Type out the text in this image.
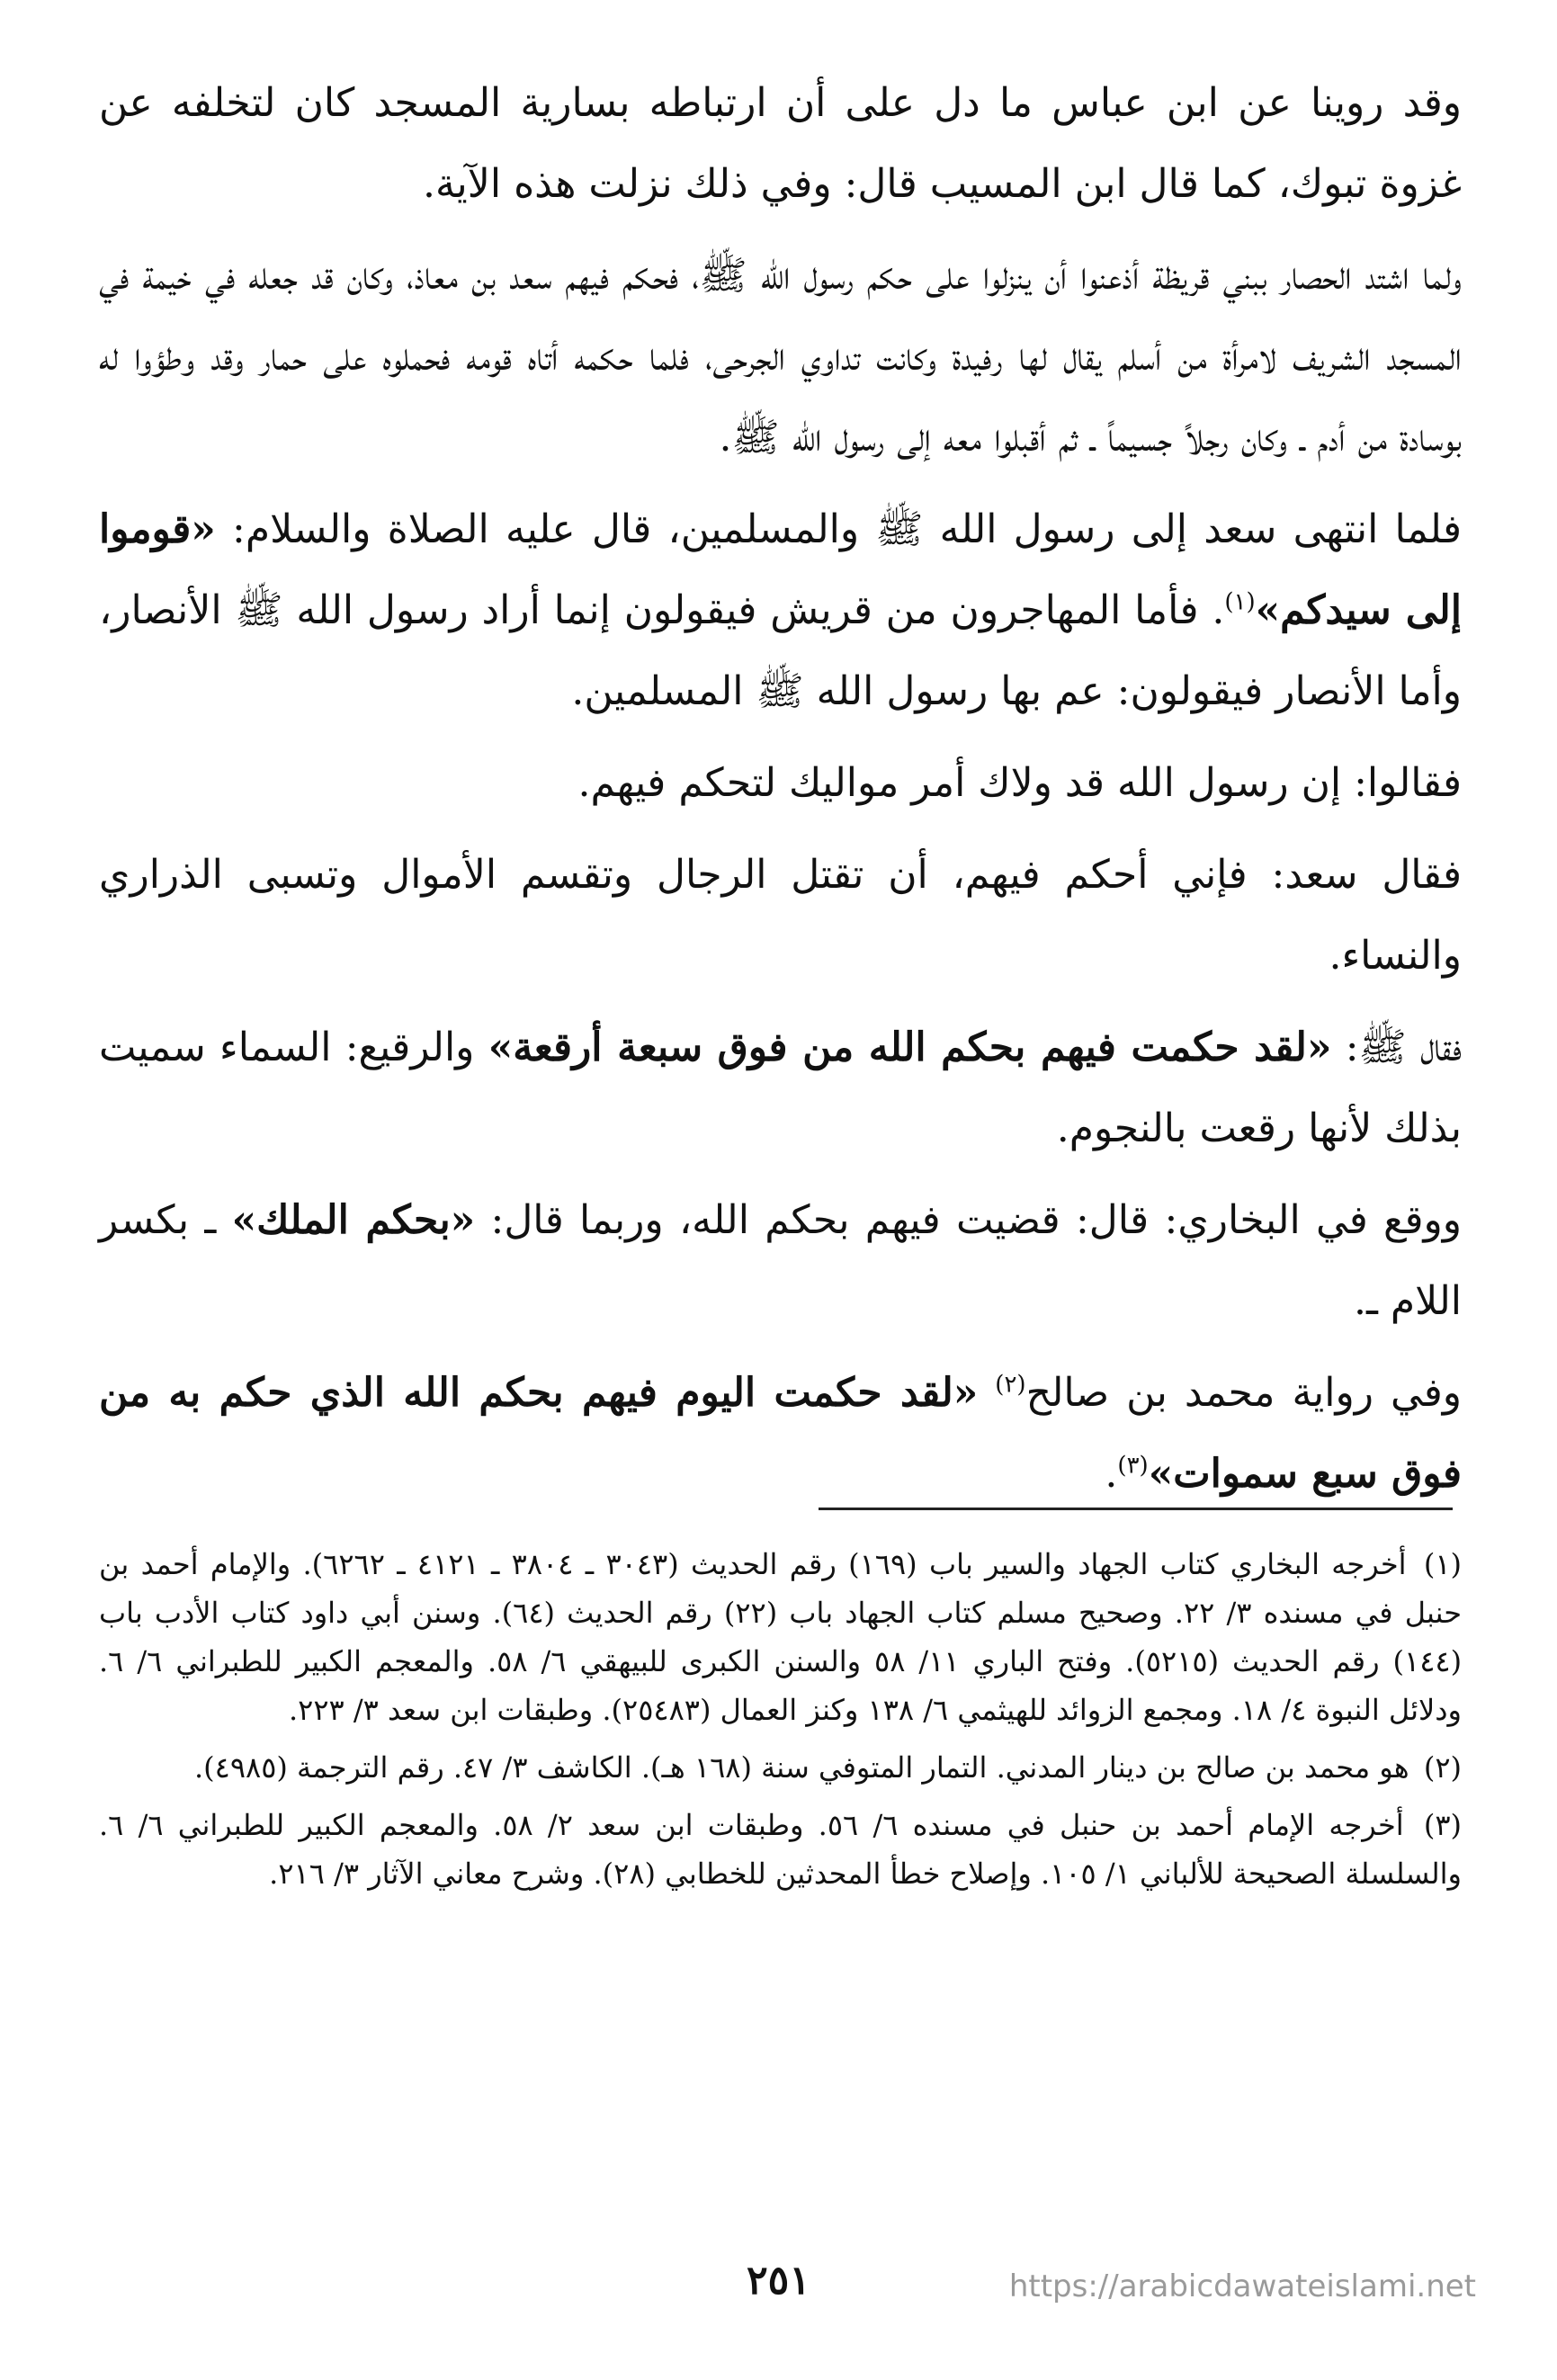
وقد روينا عن ابن عباس ما دل على أن ارتباطه بسارية المسجد كان لتخلفه عن غزوة تبوك، كما قال ابن المسيب قال: وفي ذلك نزلت هذه الآية.

ولما اشتد الحصار ببني قريظة أذعنوا أن ينزلوا على حكم رسول الله ﷺ، فحكم فيهم سعد بن معاذ، وكان قد جعله في خيمة في المسجد الشريف لامرأة من أسلم يقال لها رفيدة وكانت تداوي الجرحى، فلما حكمه أتاه قومه فحملوه على حمار وقد وطؤوا له بوسادة من أدم ـ وكان رجلاً جسيماً ـ ثم أقبلوا معه إلى رسول الله ﷺ.

فلما انتهى سعد إلى رسول الله ﷺ والمسلمين، قال عليه الصلاة والسلام: «قوموا إلى سيدكم»$^{(١)}$. فأما المهاجرون من قريش فيقولون إنما أراد رسول الله ﷺ الأنصار، وأما الأنصار فيقولون: عم بها رسول الله ﷺ المسلمين.

فقالوا: إن رسول الله قد ولاك أمر مواليك لتحكم فيهم.

فقال سعد: فإني أحكم فيهم، أن تقتل الرجال وتقسم الأموال وتسبى الذراري والنساء.

فقال ﷺ: «لقد حكمت فيهم بحكم الله من فوق سبعة أرقعة» والرقيع: السماء سميت بذلك لأنها رقعت بالنجوم.

ووقع في البخاري: قال: قضيت فيهم بحكم الله، وربما قال: «بحكم الملك» ـ بكسر اللام ـ.

وفي رواية محمد بن صالح$^{(٢)}$ «لقد حكمت اليوم فيهم بحكم الله الذي حكم به من فوق سبع سموات»$^{(٣)}$.

(١) أخرجه البخاري كتاب الجهاد والسير باب (١٦٩) رقم الحديث (٣٠٤٣ ـ ٣٨٠٤ ـ ٤١٢١ ـ ٦٢٦٢). والإمام أحمد بن حنبل في مسنده ٣/ ٢٢. وصحيح مسلم كتاب الجهاد باب (٢٢) رقم الحديث (٦٤). وسنن أبي داود كتاب الأدب باب (١٤٤) رقم الحديث (٥٢١٥). وفتح الباري ١١/ ٥٨ والسنن الكبرى للبيهقي ٦/ ٥٨. والمعجم الكبير للطبراني ٦/ ٦. ودلائل النبوة ٤/ ١٨. ومجمع الزوائد للهيثمي ٦/ ١٣٨ وكنز العمال (٢٥٤٨٣). وطبقات ابن سعد ٣/ ٢٢٣.

(٢) هو محمد بن صالح بن دينار المدني. التمار المتوفي سنة (١٦٨ هـ). الكاشف ٣/ ٤٧. رقم الترجمة (٤٩٨٥).

(٣) أخرجه الإمام أحمد بن حنبل في مسنده ٦/ ٥٦. وطبقات ابن سعد ٢/ ٥٨. والمعجم الكبير للطبراني ٦/ ٦. والسلسلة الصحيحة للألباني ١/ ١٠٥. وإصلاح خطأ المحدثين للخطابي (٢٨). وشرح معاني الآثار ٣/ ٢١٦.

٢٥١	https://arabicdawateislami.net
